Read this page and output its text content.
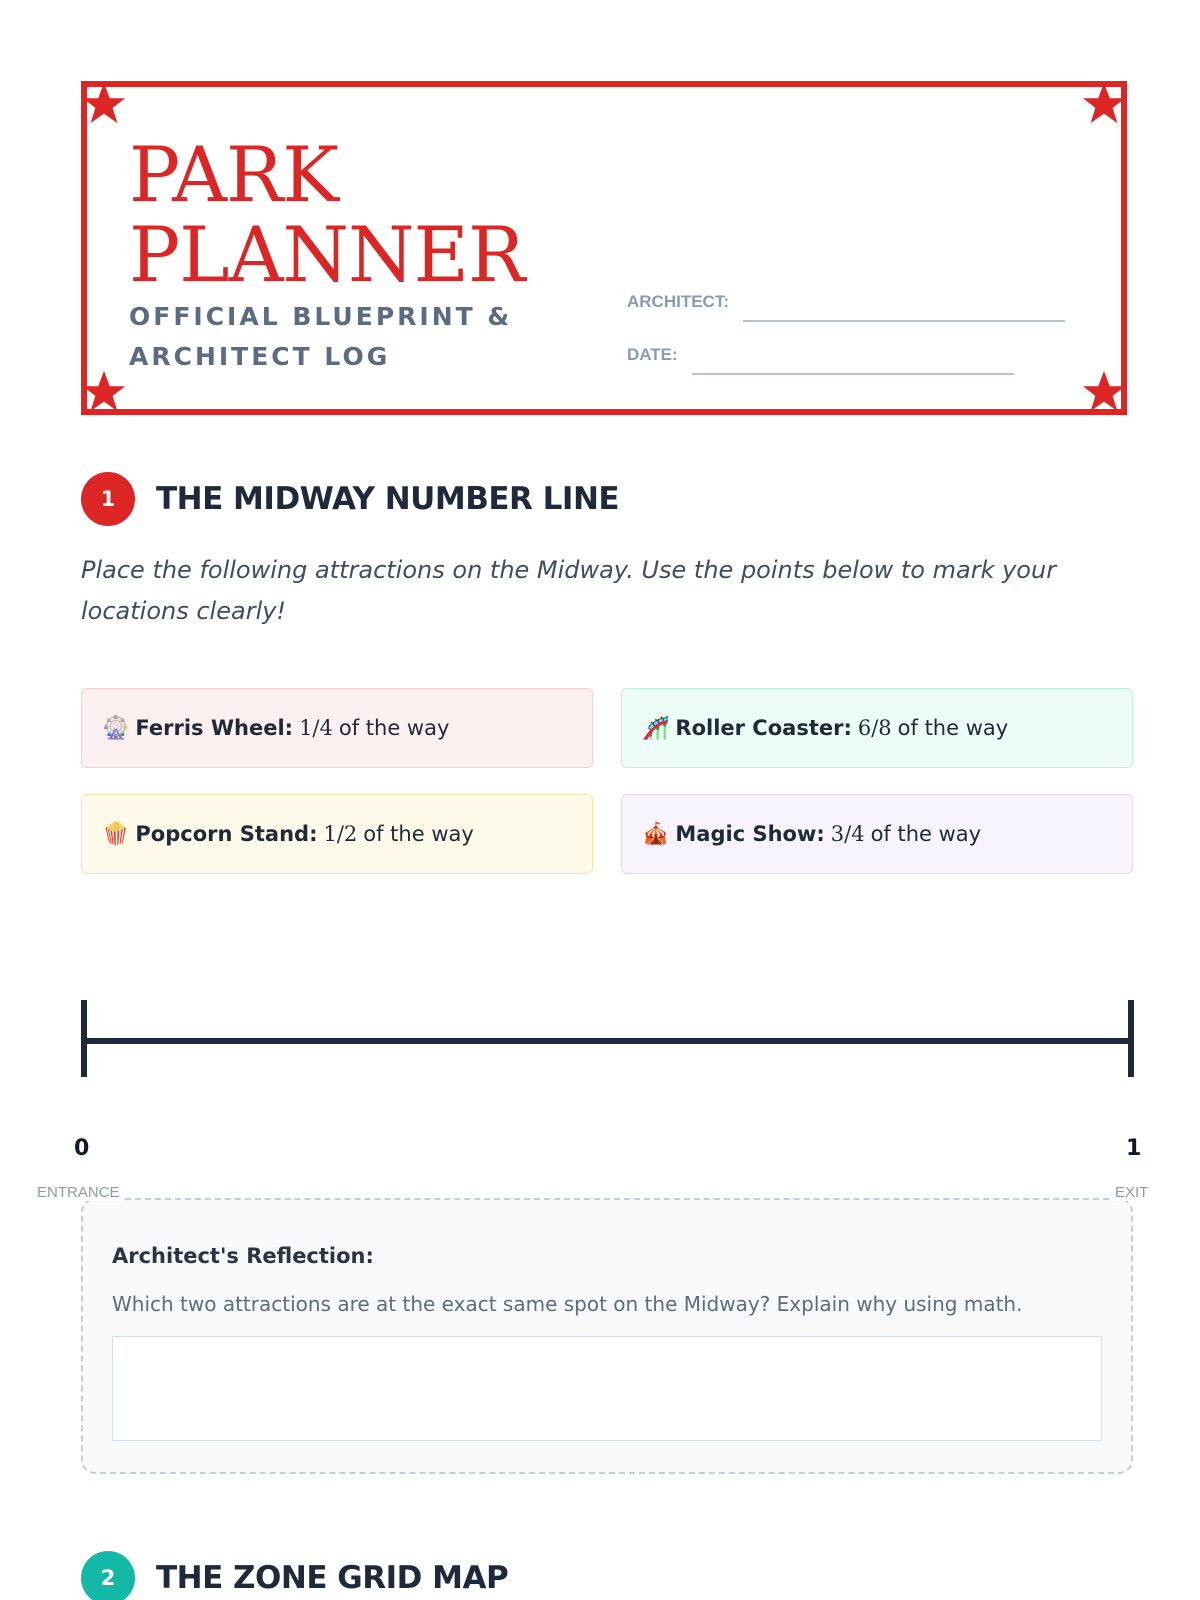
PARK
PLANNER

OFFICIAL BLUEPRINT & ARCHITECT LOG

ARCHITECT:
DATE:
1	THE MIDWAY NUMBER LINE

Place the following attractions on the Midway. Use the points below to mark your locations clearly!

🎡 Ferris Wheel: 1/4 of the way	🎢 Roller Coaster: 6/8 of the way
🍿 Popcorn Stand: 1/2 of the way	🎪 Magic Show: 3/4 of the way
0	1
ENTRANCE	EXIT

Architect's Reflection:

Which two attractions are at the exact same spot on the Midway? Explain why using math.

2	THE ZONE GRID MAP
